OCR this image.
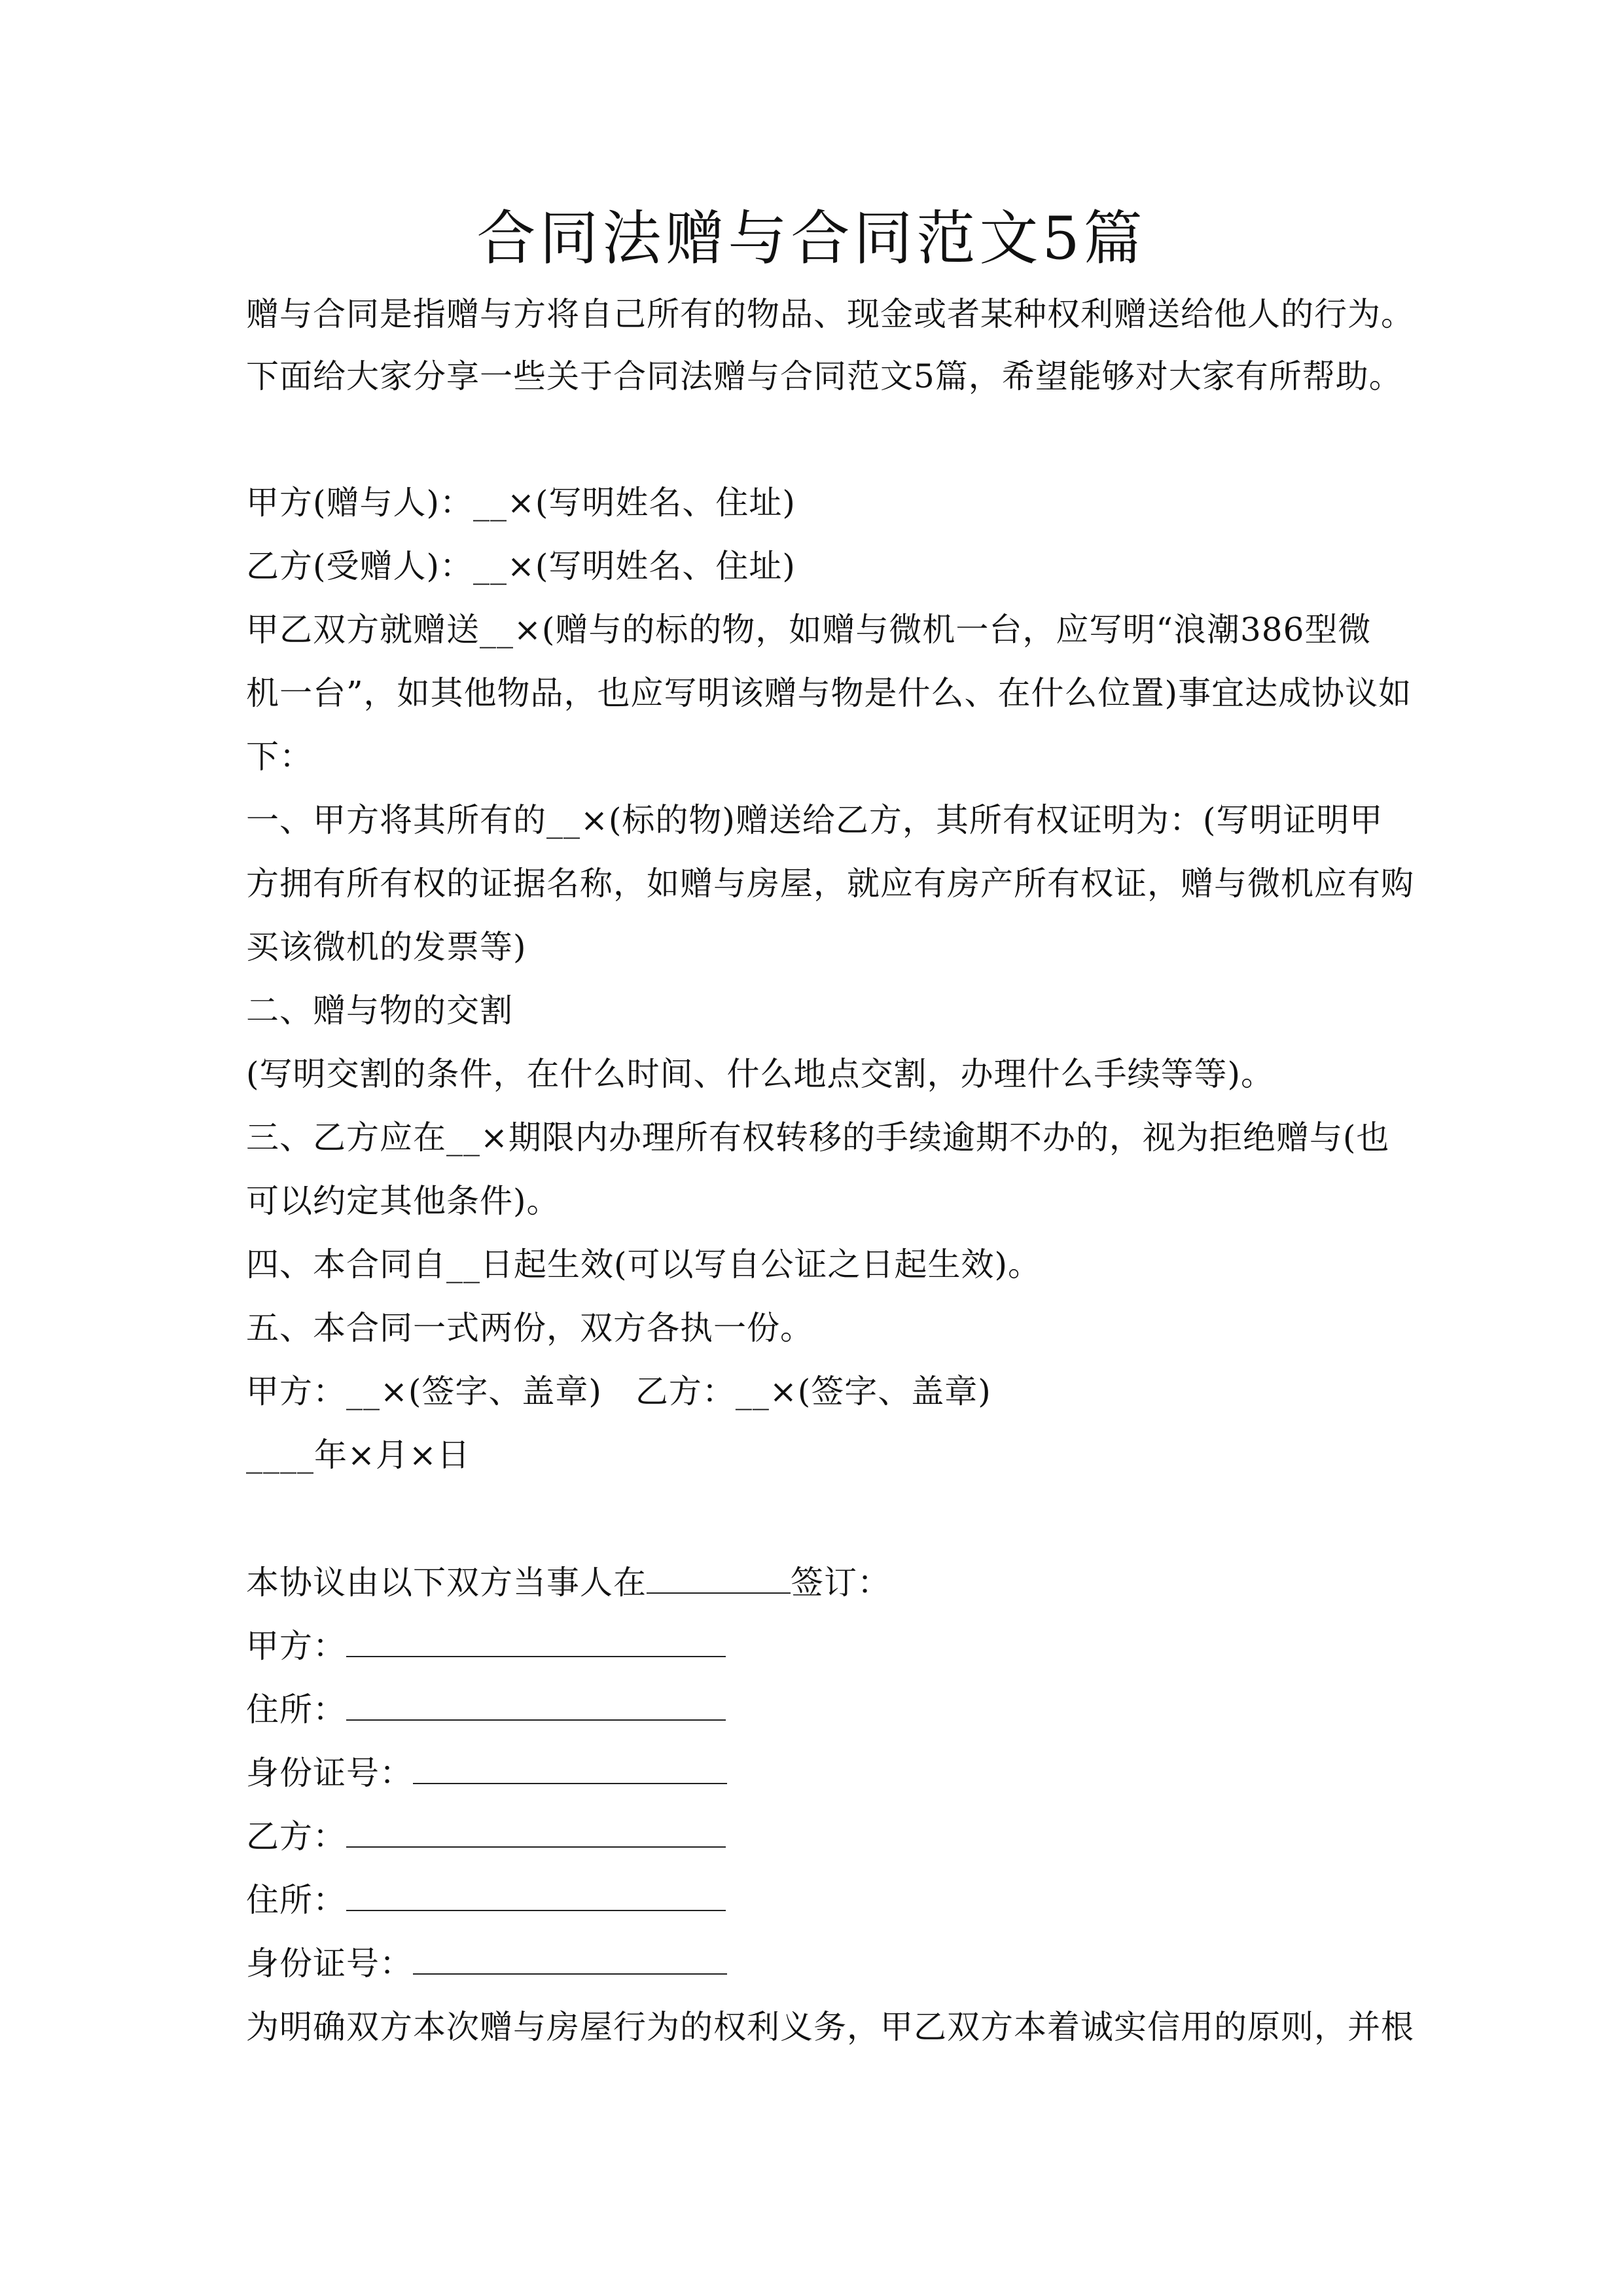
合同法赠与合同范文5篇
赠与合同是指赠与方将自己所有的物品、现金或者某种权利赠送给他人的行为。
下面给大家分享一些关于合同法赠与合同范文5篇，希望能够对大家有所帮助。
甲方(赠与人)：__×(写明姓名、住址)
乙方(受赠人)：__×(写明姓名、住址)
甲乙双方就赠送__×(赠与的标的物，如赠与微机一台，应写明“浪潮386型微
机一台”，如其他物品，也应写明该赠与物是什么、在什么位置)事宜达成协议如
下：
一、甲方将其所有的__×(标的物)赠送给乙方，其所有权证明为：(写明证明甲
方拥有所有权的证据名称，如赠与房屋，就应有房产所有权证，赠与微机应有购
买该微机的发票等)
二、赠与物的交割
(写明交割的条件，在什么时间、什么地点交割，办理什么手续等等)。
三、乙方应在__×期限内办理所有权转移的手续逾期不办的，视为拒绝赠与(也
可以约定其他条件)。
四、本合同自__日起生效(可以写自公证之日起生效)。
五、本合同一式两份，双方各执一份。
甲方：__×(签字、盖章)　乙方：__×(签字、盖章)
____年×月×日
本协议由以下双方当事人在	签订：
甲方：
住所：
身份证号：
乙方：
住所：
身份证号：
为明确双方本次赠与房屋行为的权利义务，甲乙双方本着诚实信用的原则，并根
